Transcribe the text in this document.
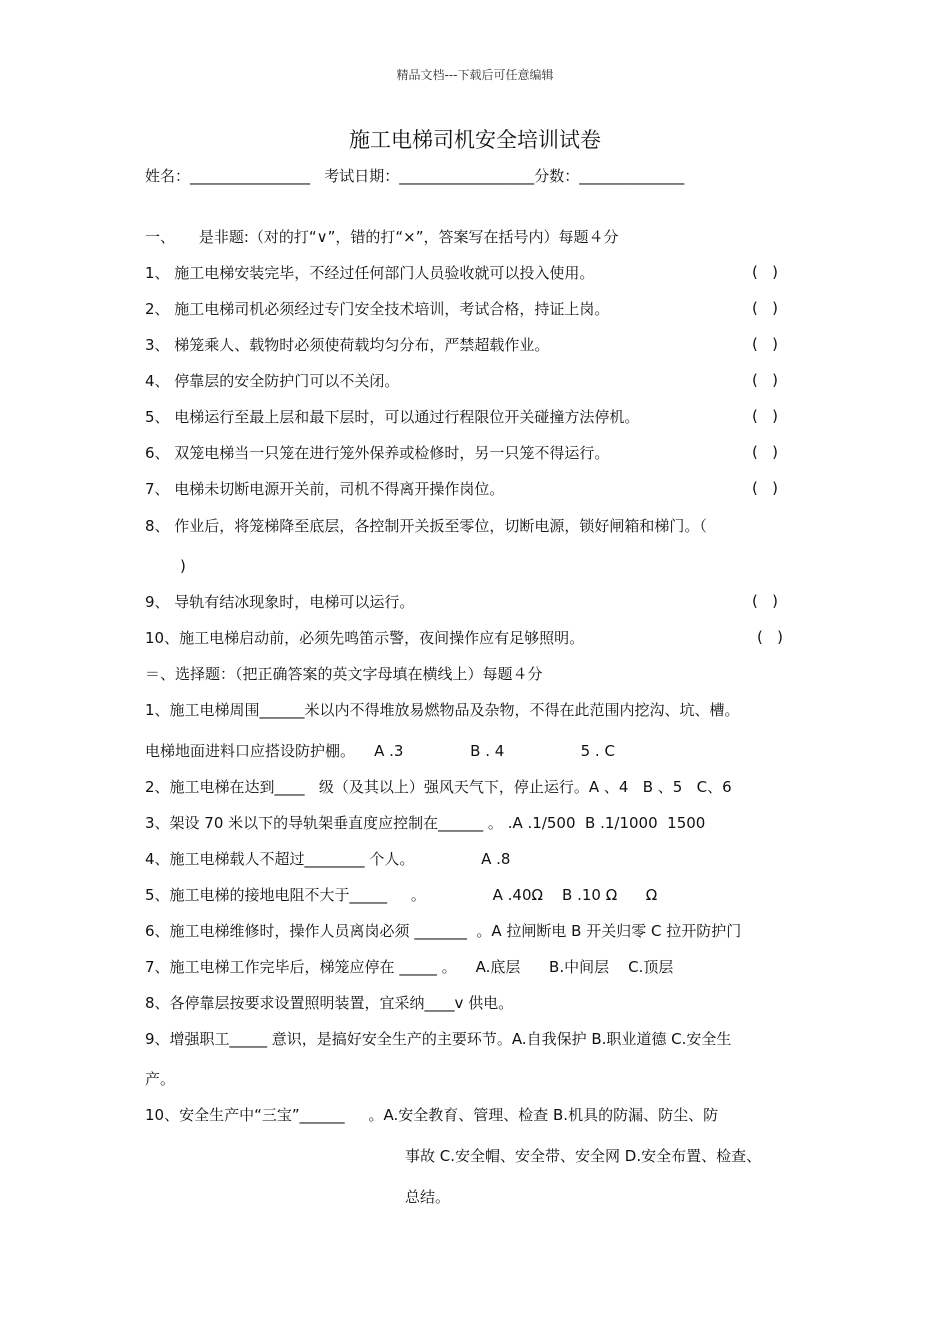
精品文档---下载后可任意编辑
施工电梯司机安全培训试卷
姓名：________________   考试日期：__________________分数：______________
一、     是非题:（对的打“∨”，错的打“×”，答案写在括号内）每题４分
1、 施工电梯安装完毕，不经过任何部门人员验收就可以投入使用。	(   )
2、 施工电梯司机必须经过专门安全技术培训，考试合格，持证上岗。	(   )
3、 梯笼乘人、载物时必须使荷载均匀分布，严禁超载作业。	(   )
4、 停靠层的安全防护门可以不关闭。	(   )
5、 电梯运行至最上层和最下层时，可以通过行程限位开关碰撞方法停机。	(   )
6、 双笼电梯当一只笼在进行笼外保养或检修时，另一只笼不得运行。	(   )
7、 电梯未切断电源开关前，司机不得离开操作岗位。	(   )
8、 作业后，将笼梯降至底层，各控制开关扳至零位，切断电源，锁好闸箱和梯门。（
)
9、 导轨有结冰现象时，电梯可以运行。	(   )
10、施工电梯启动前，必须先鸣笛示警，夜间操作应有足够照明。	(   )
＝、选择题：（把正确答案的英文字母填在横线上）每题４分
1、施工电梯周围______米以内不得堆放易燃物品及杂物，不得在此范围内挖沟、坑、槽。
电梯地面进料口应搭设防护棚。    A .3              B . 4                5 . C
2、施工电梯在达到____   级（及其以上）强风天气下，停止运行。A 、4   B 、5   C、6
3、架设 70 米以下的导轨架垂直度应控制在______ 。 .A .1/500  B .1/1000  1500
4、施工电梯载人不超过________ 个人。              A .8
5、施工电梯的接地电阻不大于_____     。              A .40Ω    B .10 Ω      Ω
6、施工电梯维修时，操作人员离岗必须 _______  。A 拉闸断电 B 开关归零 C 拉开防护门
7、施工电梯工作完毕后，梯笼应停在 _____ 。    A.底层      B.中间层    C.顶层
8、各停靠层按要求设置照明装置，宜采纳____v 供电。
9、增强职工_____ 意识，是搞好安全生产的主要环节。A.自我保护 B.职业道德 C.安全生
产。
10、安全生产中“三宝”______     。A.安全教育、管理、检查 B.机具的防漏、防尘、防
事故 C.安全帽、安全带、安全网 D.安全布置、检查、
总结。
